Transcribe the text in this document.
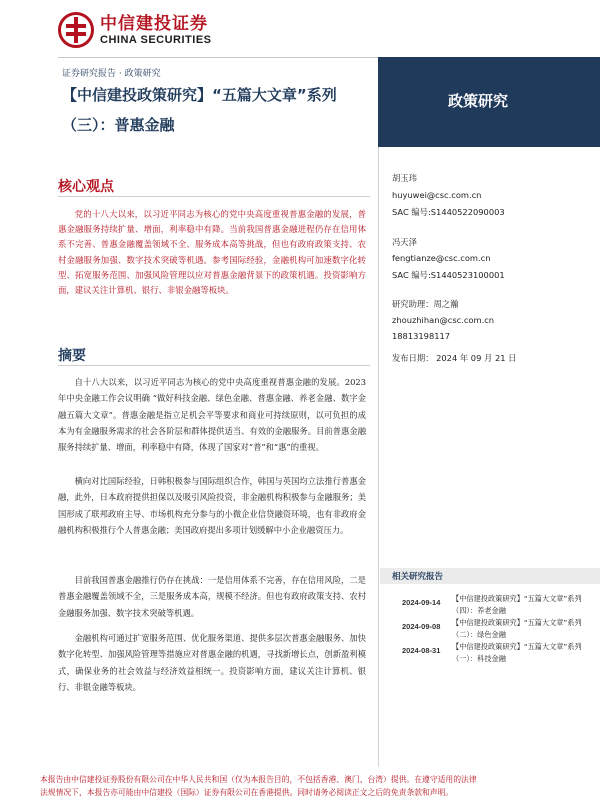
中信建投证券
CHINA SECURITIES
证券研究报告 · 政策研究
【中信建投政策研究】“五篇大文章”系列（三）：普惠金融
政策研究
核心观点

党的十八大以来，以习近平同志为核心的党中央高度重视普惠金融的发展，普惠金融服务持续扩量、增面，利率稳中有降。当前我国普惠金融进程仍存在信用体系不完善、普惠金融覆盖领域不全、服务成本高等挑战，但也有政府政策支持、农村金融服务加强、数字技术突破等机遇。参考国际经验，金融机构可加速数字化转型、拓宽服务范围、加强风险管理以应对普惠金融背景下的政策机遇。投资影响方面，建议关注计算机、银行、非银金融等板块。

摘要

自十八大以来，以习近平同志为核心的党中央高度重视普惠金融的发展。2023年中央金融工作会议明确 “做好科技金融、绿色金融、普惠金融、养老金融、数字金融五篇大文章”。普惠金融是指立足机会平等要求和商业可持续原则，以可负担的成本为有金融服务需求的社会各阶层和群体提供适当、有效的金融服务。目前普惠金融服务持续扩量、增面，利率稳中有降，体现了国家对“普”和“惠”的重视。

横向对比国际经验，日韩积极参与国际组织合作，韩国与英国均立法推行普惠金融，此外，日本政府提供担保以及吸引风险投资，非金融机构积极参与金融服务；美国形成了联邦政府主导、市场机构充分参与的小微企业信贷融资环境，也有非政府金融机构积极推行个人普惠金融；美国政府提出多项计划缓解中小企业融资压力。

目前我国普惠金融推行仍存在挑战：一是信用体系不完善，存在信用风险，二是普惠金融覆盖领域不全，三是服务成本高，规模不经济。但也有政府政策支持、农村金融服务加强、数字技术突破等机遇。

金融机构可通过扩宽服务范围、优化服务渠道、提供多层次普惠金融服务、加快数字化转型、加强风险管理等措施应对普惠金融的机遇，寻找新增长点，创新盈利模式，确保业务的社会效益与经济效益相统一。投资影响方面，建议关注计算机、银行、非银金融等板块。

胡玉玮
huyuwei@csc.com.cn
SAC 编号:S1440522090003
冯天泽
fengtianze@csc.com.cn
SAC 编号:S1440523100001
研究助理：周之瀚
zhouzhihan@csc.com.cn
18813198117
发布日期： 2024 年 09 月 21 日
相关研究报告
2024-09-14 【中信建投政策研究】“五篇大文章”系列（四）：养老金融
2024-09-08 【中信建投政策研究】“五篇大文章”系列（二）：绿色金融
2024-08-31 【中信建投政策研究】“五篇大文章”系列（一）：科技金融
本报告由中信建投证券股份有限公司在中华人民共和国（仅为本报告目的，不包括香港、澳门、台湾）提供。在遵守适用的法律
法规情况下，本报告亦可能由中信建投（国际）证券有限公司在香港提供。同时请务必阅读正文之后的免责条款和声明。
